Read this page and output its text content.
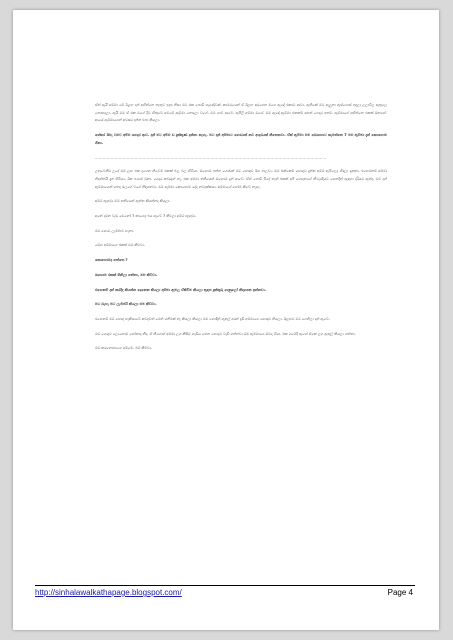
ඒත් ඇයි අම්මා මේ ඊළඟ දාන් අහින්නෙ නැතුව ඉදපු නිසා මට එක පොඩි හැදුණුවක්. කාමරයෙන් ඒ ඊළඟ අරගෙන මගෙ ඇඳේ එකාට ආවා. ඇතිකේ මම ඇලුනා ඇස්ගොස් ඉඳලා ලලාවිල ඇතුලෙ නොහදලා. ඇයි මම ඒ එක මගේ දිට හිතුවේ අමමේ ඇම්මා නොදාලා වගේ. මම ගාව ආවේ. ඇපිලි අම්මා මගේ. මම ඇඳේ ඇම්මා එනකම් අහන් ගෙදර ඉනම්. ඇම්මාගේ අහින්නෙ එකක් ඔනහේ. ආයේ ඇම්මාගෙන් අවසර දාන්න එපා කියලා.

ගේකර 3මැ වමව අම්ම ගෙදර ආව. දාන් මට අම්ම ඩ දුක්කුණ දන්නා නැහැ. මට දාන් අම්මාට ගොඩාක් නව ආදරයක් නිතෙනවා. ඒක් ඇම්මා මම බොහොට කැමත්තෙ 7 මම ඇම්මා දැන් කොහොම ගිනා.

…………………………………………………………………………………………………………………………………………………………

උනුවෙනිර උදේ මම ළඟ එක දාගෙන නිවෙම් එකක් බල බල හිටියා. ඔහොම ඉන්න ගොඩක් මට හොඳට ඊහ පාලවා. මම එක්කෙම් හොඳට දැන්ක අම්ම ඇපිලෙද හිඳලා දැනුනා. එහෙමනම් අම්මා නිදන්නයි දැන හිටියා. ඊක පාසේ වුනා. ගෙදර කවුරුත් නෑ. එක අම්මා තනියෙන් ඔහොම දැන් ආවේ. ඒත් පොඩි මීදේ තැන් එකක් අපි ගොදානගේ නිවැරදියට හෙනදීන් ඇඳහා දාරියට ඇන්දා. මට දාන් ඇම්මාගෙන් හනද එලගේ වගේ නිඳයනවා. මම ඇම්මා කොහොම දේද නවදුක්කයා. අම්මාගේ හෝම කිවේ නැහැ.

අම්ම ඇහුවා මම තනියෙන් ඇත්ත කියන්නද කියලා.

අනේ දාමන වැඩ චෙනෝ 7 කාගෙද බය ඇවේ 7 කිවලා අම්ම ඇහුවා.

මට හොට ලැජ්ජාව හැනා.

මෙහ අම්මාගෙ එකක් මම කිවවා.

කොහොමද ගත්තෙ ?

ඔහොම එකක් ගිනිලා ගත්තා, මම කිව්වා.

එහෙනම් දාන් කරදිද කියන්න දෙනෙන කියලා අම්මා ඇමල ඒකිවිම කියලා ඇඳහ දුක්කුරු දෙනුලෝ නිදාගෙන ඉන්නවා.

මට බැහැ මට ලැජ්ජයි කියලා මම කිව්වා.

එහෙනම් මට හොඳ හැකියාවේ කවදාවත් මෙන් ගනිමක් නෑ කියලා කියලා මම හොඳින් ඇනුල් අරන් දැඩි අම්මාගෙ හොඳට තියලා. ඊළඟට මට ගෙනිලා දාන් ඇවේ.

මට ගොදට ලොහොම හෝතාද නීදා. ඒ නීගොහ් අම්මා ලග කිසිම හැඩිය හෙන හොදට වැඩි ගන්නවා මම ඇම්මාගෙ ඔවද ගියා. එක ගමේදී ඇහේ ඒකෙ ලග ඇතුල් කියලා ගත්තා.

මට කරනොහාගෙ අම්මේ. බම් කිව්වා.

http://sinhalawalkathapage.blogspot.com/	Page 4
